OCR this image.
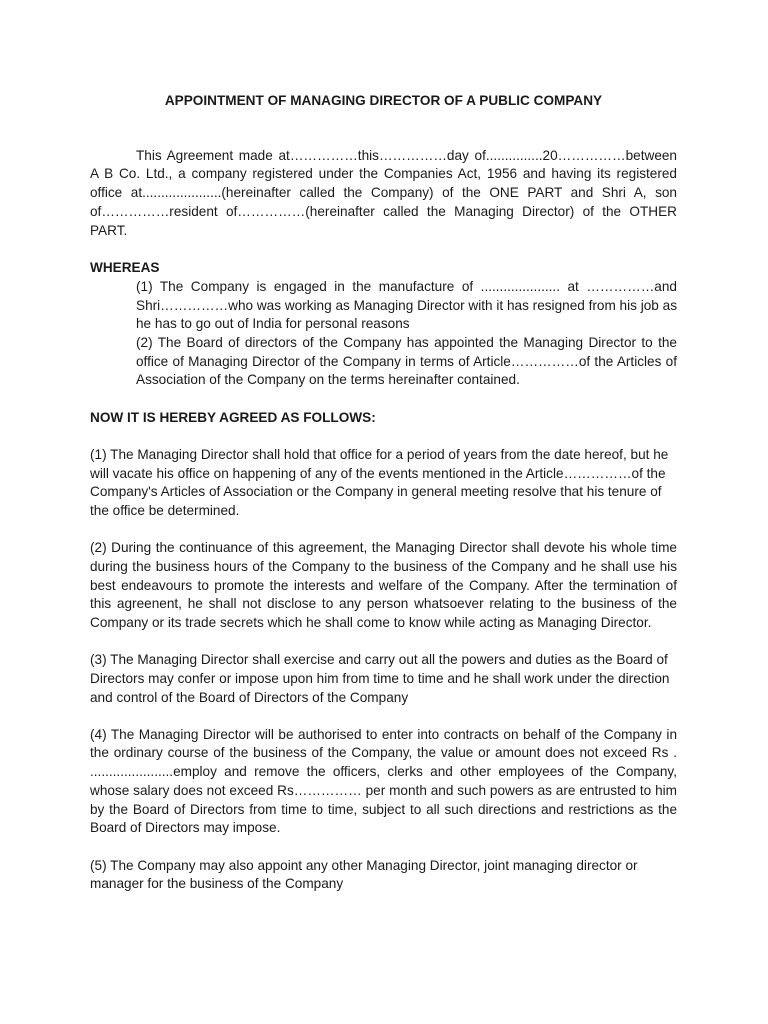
APPOINTMENT OF MANAGING DIRECTOR OF A PUBLIC COMPANY

This Agreement made at……………this……………day of...............20……………between A B Co. Ltd., a company registered under the Companies Act, 1956 and having its registered office at.....................(hereinafter called the Company) of the ONE PART and Shri A, son of……………resident of……………(hereinafter called the Managing Director) of the OTHER PART.

WHEREAS

(1) The Company is engaged in the manufacture of ..................... at ……………and Shri……………who was working as Managing Director with it has resigned from his job as he has to go out of India for personal reasons

(2) The Board of directors of the Company has appointed the Managing Director to the office of Managing Director of the Company in terms of Article……………of the Articles of Association of the Company on the terms hereinafter contained.

NOW IT IS HEREBY AGREED AS FOLLOWS:

(1) The Managing Director shall hold that office for a period of years from the date hereof, but he will vacate his office on happening of any of the events mentioned in the Article……………of the Company's Articles of Association or the Company in general meeting resolve that his tenure of the office be determined.

(2) During the continuance of this agreement, the Managing Director shall devote his whole time during the business hours of the Company to the business of the Company and he shall use his best endeavours to promote the interests and welfare of the Company. After the termination of this agreenent, he shall not disclose to any person whatsoever relating to the business of the Company or its trade secrets which he shall come to know while acting as Managing Director.

(3) The Managing Director shall exercise and carry out all the powers and duties as the Board of Directors may confer or impose upon him from time to time and he shall work under the direction and control of the Board of Directors of the Company

(4) The Managing Director will be authorised to enter into contracts on behalf of the Company in the ordinary course of the business of the Company, the value or amount does not exceed Rs . ......................employ and remove the officers, clerks and other employees of the Company, whose salary does not exceed Rs…………… per month and such powers as are entrusted to him by the Board of Directors from time to time, subject to all such directions and restrictions as the Board of Directors may impose.

(5) The Company may also appoint any other Managing Director, joint managing director or manager for the business of the Company
